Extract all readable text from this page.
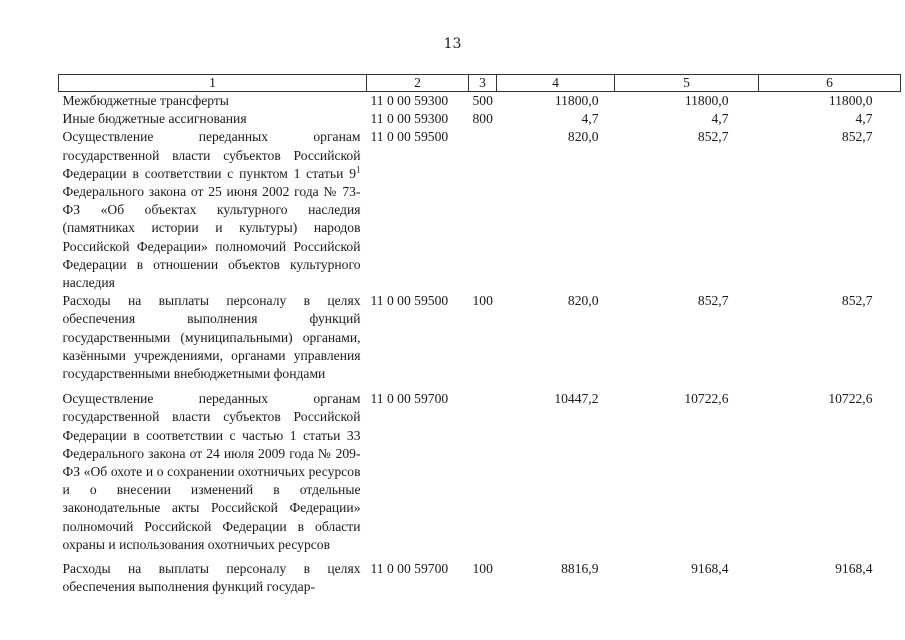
13
1	2	3	4	5	6
Межбюджетные трансферты	11 0 00 59300	500	11800,0	11800,0	11800,0
Иные бюджетные ассигнования	11 0 00 59300	800	4,7	4,7	4,7
Осуществление переданных органам государственной власти субъектов Российской Федерации в соответствии с пунктом 1 статьи $9^1$ Федерального закона от 25 июня 2002 года № 73-ФЗ «Об объектах культурного наследия (памятниках истории и культуры) народов Российской Федерации» полномочий Российской Федерации в отношении объектов культурного наследия	11 0 00 59500		820,0	852,7	852,7
Расходы на выплаты персоналу в целях обеспечения выполнения функций государственными (муниципальными) органами, казёнными учреждениями, органами управления государственными внебюджетными фондами	11 0 00 59500	100	820,0	852,7	852,7
Осуществление переданных органам государственной власти субъектов Российской Федерации в соответствии с частью 1 статьи 33 Федерального закона от 24 июля 2009 года № 209-ФЗ «Об охоте и о сохранении охотничьих ресурсов и о внесении изменений в отдельные законодательные акты Российской Федерации» полномочий Российской Федерации в области охраны и использования охотничьих ресурсов	11 0 00 59700		10447,2	10722,6	10722,6
Расходы на выплаты персоналу в целях обеспечения выполнения функций государ-	11 0 00 59700	100	8816,9	9168,4	9168,4
